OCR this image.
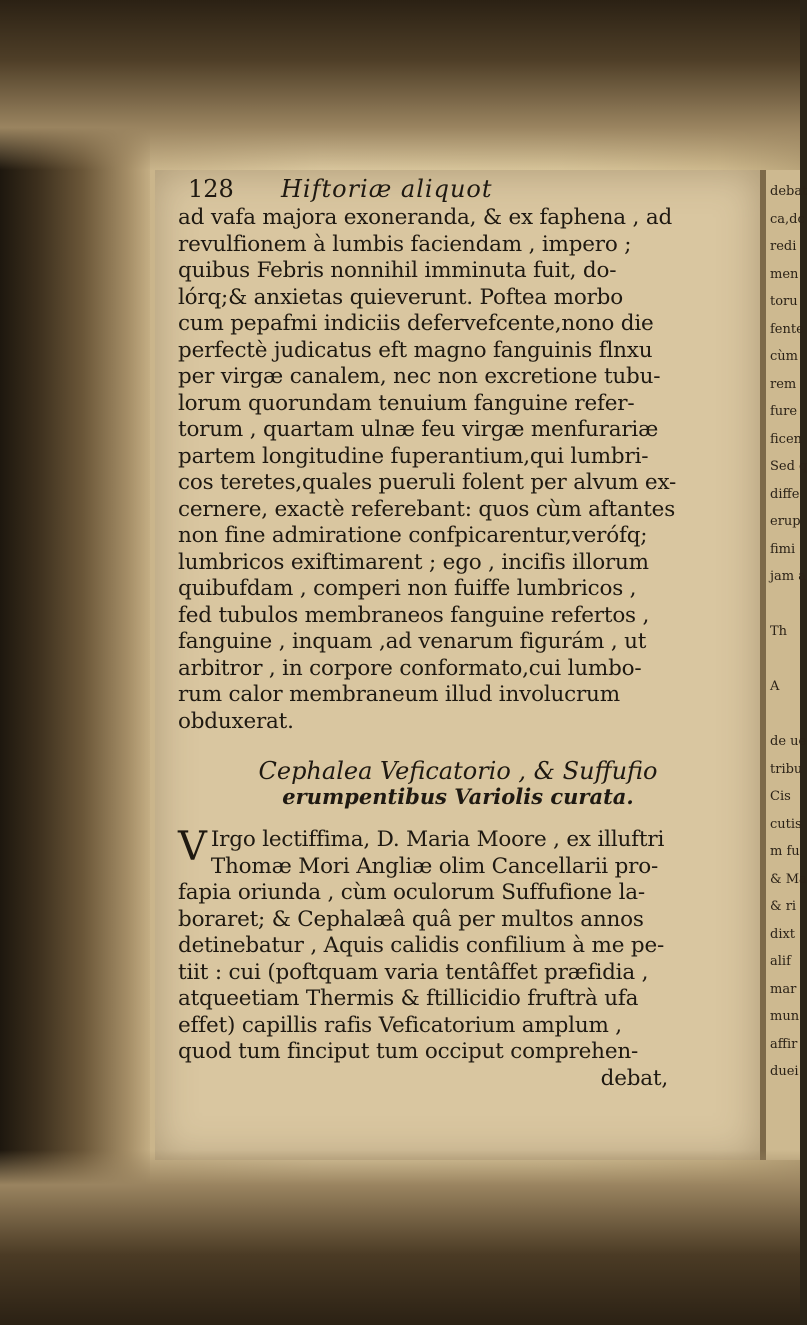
128 Hiftoriæ aliquot
ad vafa majora exoneranda, & ex faphena , ad
revulfionem à lumbis faciendam , impero ;
quibus Febris nonnihil imminuta fuit, do-
lórq;& anxietas quieverunt. Poftea morbo
cum pepafmi indiciis defervefcente,nono die
perfectè judicatus eft magno fanguinis flnxu
per virgæ canalem, nec non excretione tubu-
lorum quorundam tenuium fanguine refer-
torum , quartam ulnæ feu virgæ menfurariæ
partem longitudine fuperantium,qui lumbri-
cos teretes,quales pueruli folent per alvum ex-
cernere, exactè referebant: quos cùm aftantes
non fine admiratione confpicarentur,verófq;
lumbricos exiftimarent ; ego , incifis illorum
quibufdam , comperi non fuiffe lumbricos ,
fed tubulos membraneos fanguine refertos ,
fanguine , inquam ,ad venarum figurám , ut
arbitror , in corpore conformato,cui lumbo-
rum calor membraneum illud involucrum
obduxerat.
Cephalea Veficatorio , & Suffufio
erumpentibus Variolis curata.
V Irgo lectiffima, D. Maria Moore , ex illuftri
Thomæ Mori Angliæ olim Cancellarii pro-
fapia oriunda , cùm oculorum Suffufione la-
boraret; & Cephalæâ quâ per multos annos
detinebatur , Aquis calidis confilium à me pe-
tiit : cui (poftquam varia tentâffet præfidia ,
atqueetiam Thermis & ftillicidio fruftrà ufa
effet) capillis rafis Veficatorium amplum ,
quod tum finciput tum occiput comprehen-
debat,
debat
ca,dc
redi
men
toru
fente
cùm
rem
fure
ficen
Sed q
diffe
erup
fimi
jam a
Th
A
de ue
tribu
Cis
cutis
m fu
& Ma
& ri
dixt
alif
mar
mun
affir
duei
